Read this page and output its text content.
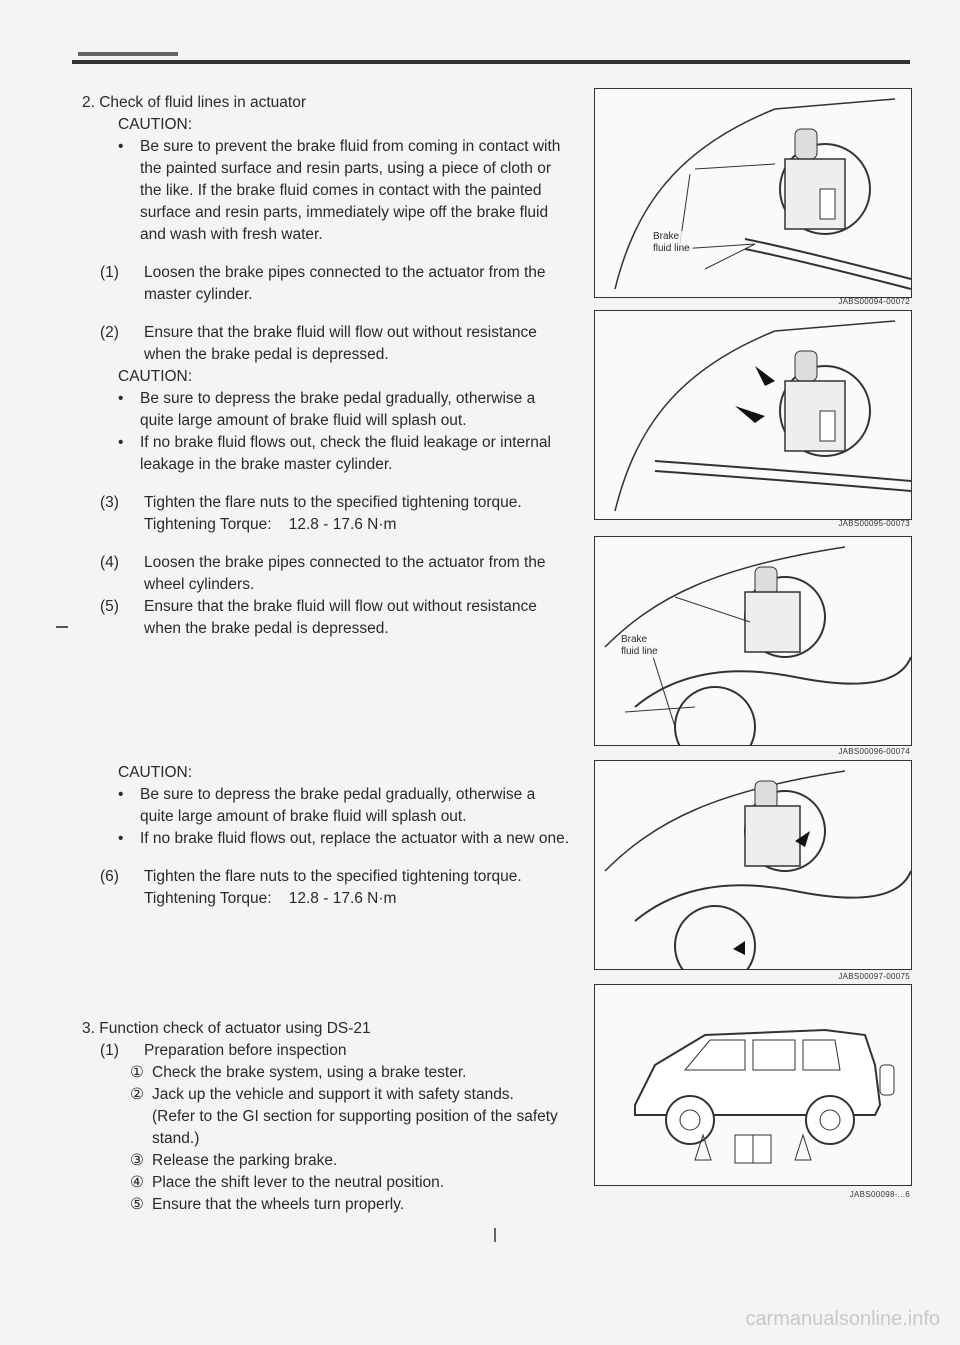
2. Check of fluid lines in actuator

CAUTION:

• Be sure to prevent the brake fluid from coming in contact with the painted surface and resin parts, using a piece of cloth or the like. If the brake fluid comes in contact with the painted surface and resin parts, immediately wipe off the brake fluid and wash with fresh water.

(1) Loosen the brake pipes connected to the actuator from the master cylinder.

(2) Ensure that the brake fluid will flow out without resistance when the brake pedal is depressed.

CAUTION:

• Be sure to depress the brake pedal gradually, otherwise a quite large amount of brake fluid will splash out.

• If no brake fluid flows out, check the fluid leakage or internal leakage in the brake master cylinder.

(3) Tighten the flare nuts to the specified tightening torque.

Tightening Torque:    12.8 - 17.6 N·m

(4) Loosen the brake pipes connected to the actuator from the wheel cylinders.

(5) Ensure that the brake fluid will flow out without resistance when the brake pedal is depressed.

CAUTION:

• Be sure to depress the brake pedal gradually, otherwise a quite large amount of brake fluid will splash out.

• If no brake fluid flows out, replace the actuator with a new one.

(6) Tighten the flare nuts to the specified tightening torque.

Tightening Torque:    12.8 - 17.6 N·m

3. Function check of actuator using DS-21

(1) Preparation before inspection

① Check the brake system, using a brake tester.

② Jack up the vehicle and support it with safety stands.

(Refer to the GI section for supporting position of the safety stand.)

③ Release the parking brake.

④ Place the shift lever to the neutral position.

⑤ Ensure that the wheels turn properly.

Brake fluid line
JABS00094-00072
JABS00095-00073
Brake fluid line
JABS00096-00074
JABS00097-00075
JABS00098-...6
carmanualsonline.info
